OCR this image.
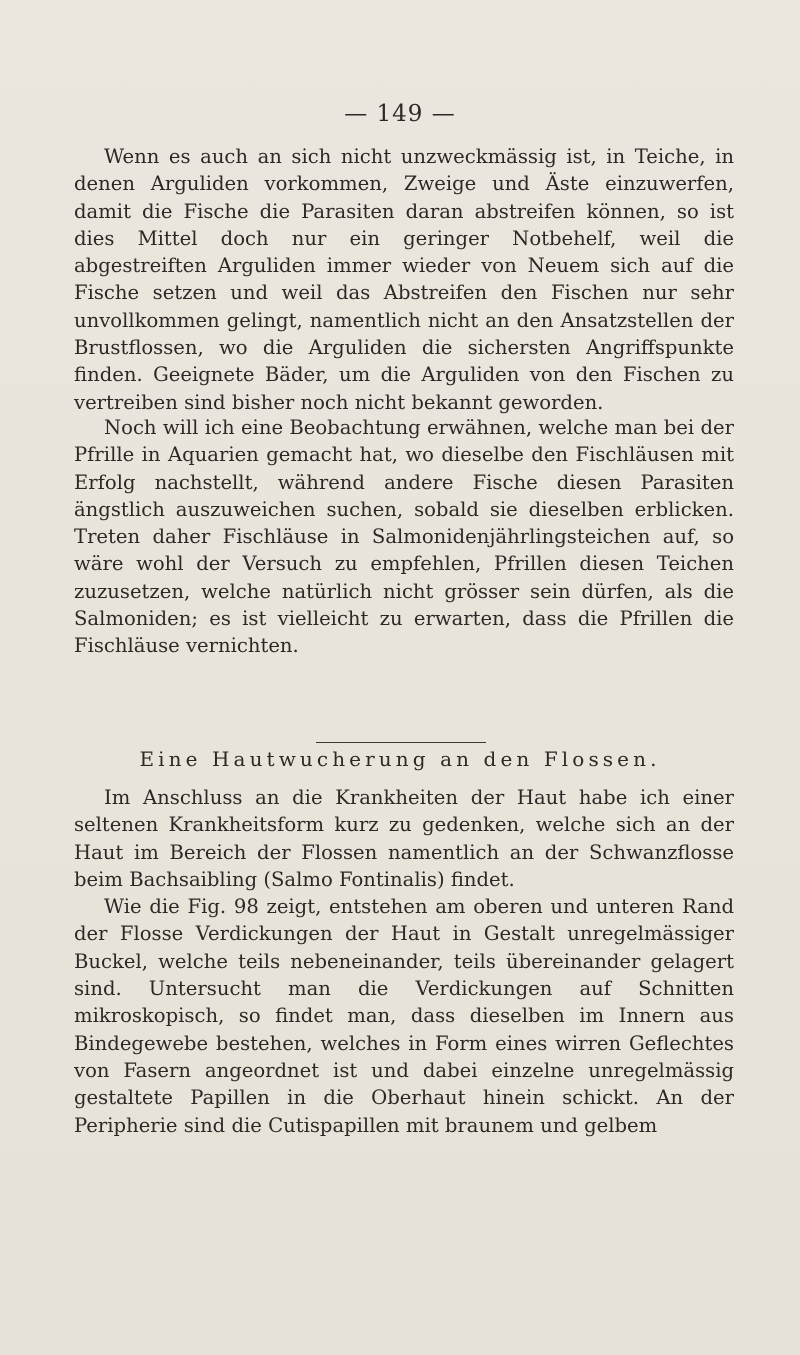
— 149 —

Wenn es auch an sich nicht unzweckmässig ist, in Teiche, in denen Arguliden vorkommen, Zweige und Äste einzuwerfen, damit die Fische die Parasiten daran abstreifen können, so ist dies Mittel doch nur ein geringer Notbehelf, weil die abgestreiften Arguliden immer wieder von Neuem sich auf die Fische setzen und weil das Abstreifen den Fischen nur sehr unvollkommen gelingt, namentlich nicht an den Ansatzstellen der Brustflossen, wo die Arguliden die sichersten Angriffspunkte finden. Geeignete Bäder, um die Arguliden von den Fischen zu vertreiben sind bisher noch nicht bekannt geworden.

Noch will ich eine Beobachtung erwähnen, welche man bei der Pfrille in Aquarien gemacht hat, wo dieselbe den Fischläusen mit Erfolg nachstellt, während andere Fische diesen Parasiten ängstlich auszuweichen suchen, sobald sie dieselben erblicken. Treten daher Fischläuse in Salmonidenjährlingsteichen auf, so wäre wohl der Versuch zu empfehlen, Pfrillen diesen Teichen zuzusetzen, welche natürlich nicht grösser sein dürfen, als die Salmoniden; es ist vielleicht zu erwarten, dass die Pfrillen die Fischläuse vernichten.

Eine Hautwucherung an den Flossen.

Im Anschluss an die Krankheiten der Haut habe ich einer seltenen Krankheitsform kurz zu gedenken, welche sich an der Haut im Bereich der Flossen namentlich an der Schwanzflosse beim Bachsaibling (Salmo Fontinalis) findet.

Wie die Fig. 98 zeigt, entstehen am oberen und unteren Rand der Flosse Verdickungen der Haut in Gestalt unregelmässiger Buckel, welche teils nebeneinander, teils übereinander gelagert sind. Untersucht man die Verdickungen auf Schnitten mikroskopisch, so findet man, dass dieselben im Innern aus Bindegewebe bestehen, welches in Form eines wirren Geflechtes von Fasern angeordnet ist und dabei einzelne unregelmässig gestaltete Papillen in die Oberhaut hinein schickt. An der Peripherie sind die Cutispapillen mit braunem und gelbem
